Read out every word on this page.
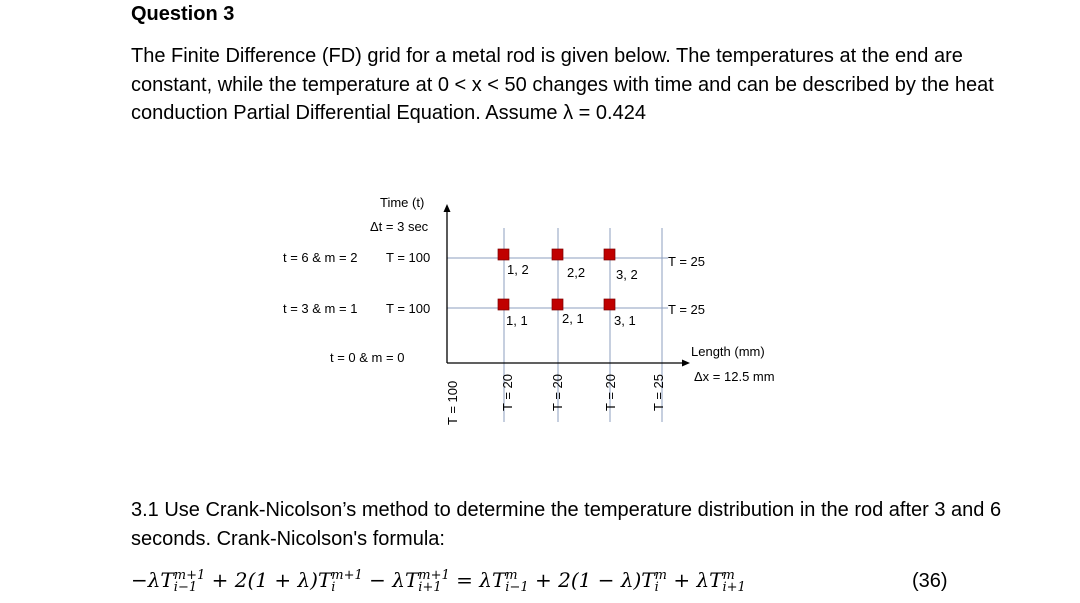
Question 3

The Finite Difference (FD) grid for a metal rod is given below. The temperatures at the end are constant, while the temperature at 0 < x < 50 changes with time and can be described by the heat conduction Partial Differential Equation. Assume λ = 0.424

Time (t)
Δt = 3 sec
t = 6 & m = 2 T = 100	T = 25
1, 2	2,2 3, 2
t = 3 & m = 1 T = 100	T = 25
1, 1	2, 1 3, 1
t = 0 & m = 0	Length (mm)
Δx = 12.5 mm
T = 100	T = 20	T = 20	T = 20	T = 25

3.1 Use Crank-Nicolson’s method to determine the temperature distribution in the rod after 3 and 6 seconds. Crank-Nicolson's formula:

−λT m+1
i−1 + 2(1 + λ)T m+1
i	− λT m+1
i+1 = λT m
i−1 + 2(1 − λ)T m
i + λT m
i+1	(36)
